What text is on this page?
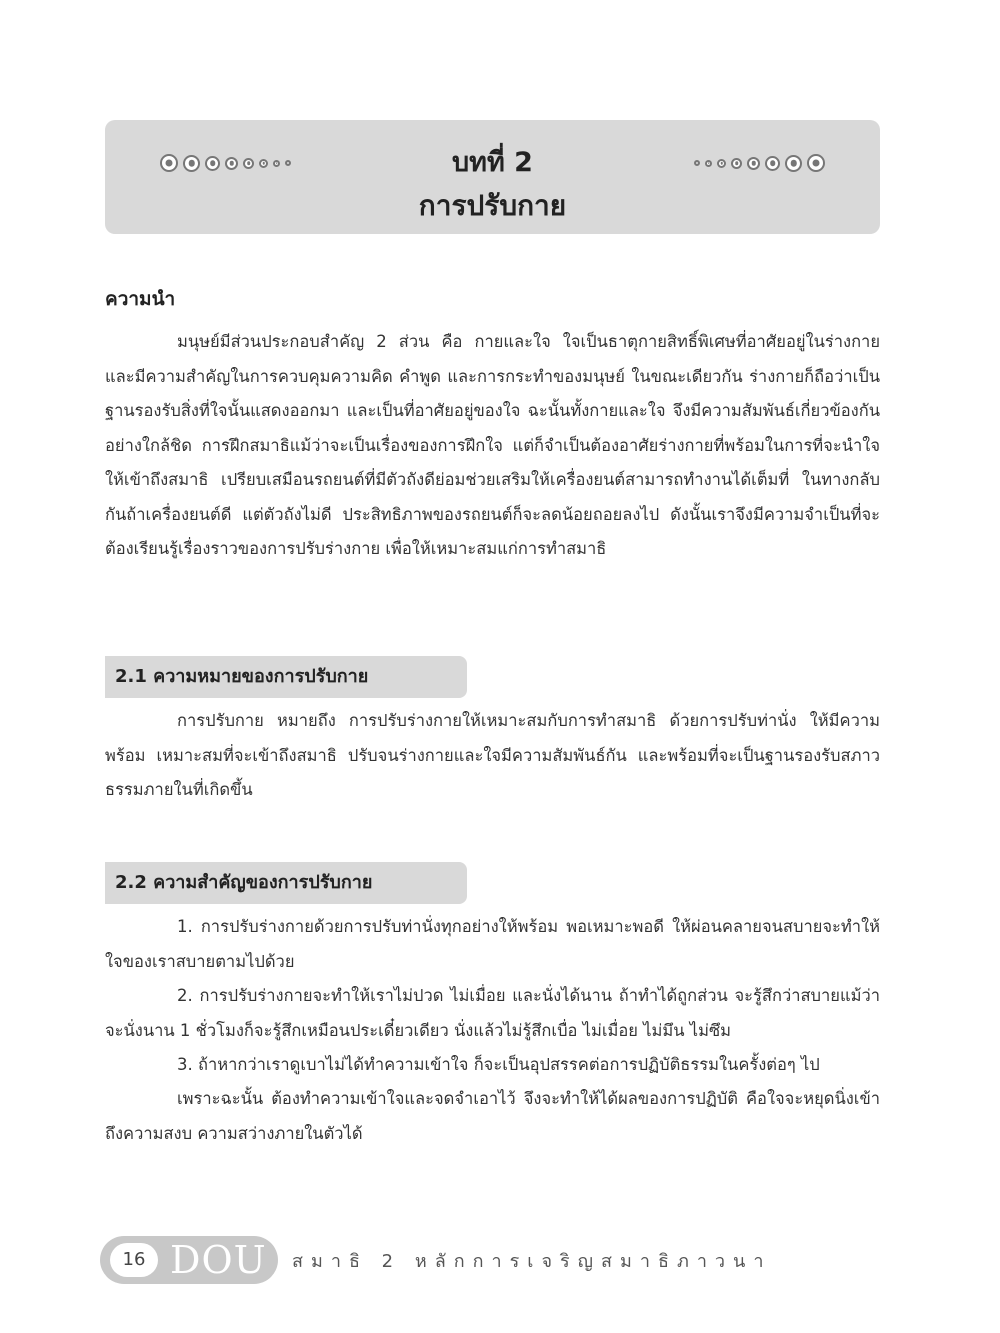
บทที่ 2
การปรับกาย
ความนำ

มนุษย์มีส่วนประกอบสำคัญ 2 ส่วน คือ กายและใจ ใจเป็นธาตุกายสิทธิ์พิเศษที่อาศัยอยู่ในร่างกาย และมีความสำคัญในการควบคุมความคิด คำพูด และการกระทำของมนุษย์ ในขณะเดียวกัน ร่างกายก็ถือว่าเป็นฐานรองรับสิ่งที่ใจนั้นแสดงออกมา และเป็นที่อาศัยอยู่ของใจ ฉะนั้นทั้งกายและใจ จึงมีความสัมพันธ์เกี่ยวข้องกันอย่างใกล้ชิด การฝึกสมาธิแม้ว่าจะเป็นเรื่องของการฝึกใจ แต่ก็จำเป็นต้องอาศัยร่างกายที่พร้อมในการที่จะนำใจให้เข้าถึงสมาธิ เปรียบเสมือนรถยนต์ที่มีตัวถังดีย่อมช่วยเสริมให้เครื่องยนต์สามารถทำงานได้เต็มที่ ในทางกลับกันถ้าเครื่องยนต์ดี แต่ตัวถังไม่ดี ประสิทธิภาพของรถยนต์ก็จะลดน้อยถอยลงไป ดังนั้นเราจึงมีความจำเป็นที่จะต้องเรียนรู้เรื่องราวของการปรับร่างกาย เพื่อให้เหมาะสมแก่การทำสมาธิ

2.1 ความหมายของการปรับกาย

การปรับกาย หมายถึง การปรับร่างกายให้เหมาะสมกับการทำสมาธิ ด้วยการปรับท่านั่ง ให้มีความพร้อม เหมาะสมที่จะเข้าถึงสมาธิ ปรับจนร่างกายและใจมีความสัมพันธ์กัน และพร้อมที่จะเป็นฐานรองรับสภาวธรรมภายในที่เกิดขึ้น

2.2 ความสำคัญของการปรับกาย

1. การปรับร่างกายด้วยการปรับท่านั่งทุกอย่างให้พร้อม พอเหมาะพอดี ให้ผ่อนคลายจนสบายจะทำให้ใจของเราสบายตามไปด้วย

2. การปรับร่างกายจะทำให้เราไม่ปวด ไม่เมื่อย และนั่งได้นาน ถ้าทำได้ถูกส่วน จะรู้สึกว่าสบายแม้ว่าจะนั่งนาน 1 ชั่วโมงก็จะรู้สึกเหมือนประเดี๋ยวเดียว นั่งแล้วไม่รู้สึกเบื่อ ไม่เมื่อย ไม่มึน ไม่ซึม

3. ถ้าหากว่าเราดูเบาไม่ได้ทำความเข้าใจ ก็จะเป็นอุปสรรคต่อการปฏิบัติธรรมในครั้งต่อๆ ไป

เพราะฉะนั้น ต้องทำความเข้าใจและจดจำเอาไว้ จึงจะทำให้ได้ผลของการปฏิบัติ คือใจจะหยุดนิ่งเข้าถึงความสงบ ความสว่างภายในตัวได้

16 DOU สมาธิ 2 หลักการเจริญสมาธิภาวนา
